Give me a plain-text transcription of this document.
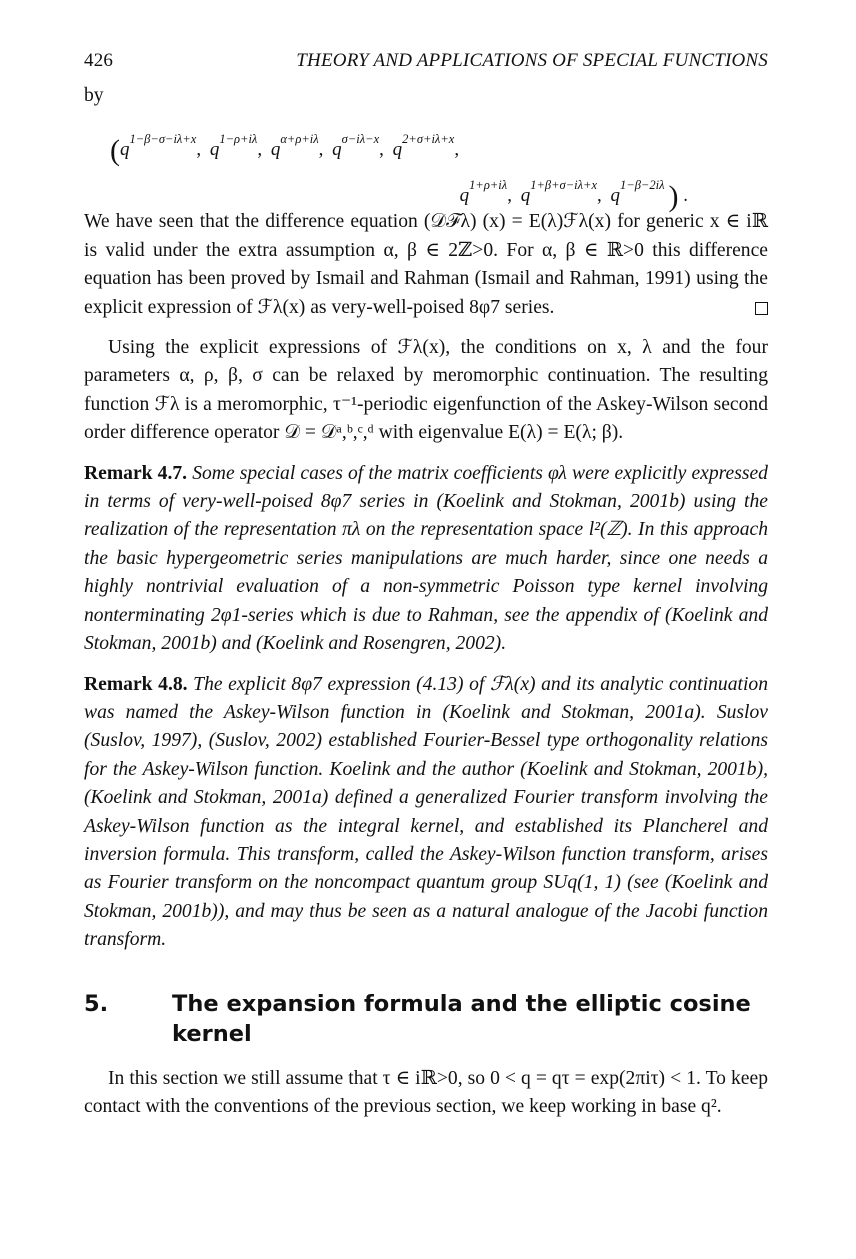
426	THEORY AND APPLICATIONS OF SPECIAL FUNCTIONS

by

($q^{1-\beta-\sigma-i\lambda+x}$, $q^{1-\rho+i\lambda}$, $q^{\alpha+\rho+i\lambda}$, $q^{\sigma-i\lambda-x}$, $q^{2+\sigma+i\lambda+x}$,
$q^{1+\rho+i\lambda}$, $q^{1+\beta+\sigma-i\lambda+x}$, $q^{1-\beta-2i\lambda}$ ) .

We have seen that the difference equation (𝒟ℱλ) (x) = E(λ)ℱλ(x) for generic x ∈ iℝ is valid under the extra assumption α, β ∈ 2ℤ>0. For α, β ∈ ℝ>0 this difference equation has been proved by Ismail and Rahman (Ismail and Rahman, 1991) using the explicit expression of ℱλ(x) as very-well-poised 8φ7 series.

Using the explicit expressions of ℱλ(x), the conditions on x, λ and the four parameters α, ρ, β, σ can be relaxed by meromorphic continuation. The resulting function ℱλ is a meromorphic, τ⁻¹-periodic eigenfunction of the Askey-Wilson second order difference operator 𝒟 = 𝒟ᵃ,ᵇ,ᶜ,ᵈ with eigenvalue E(λ) = E(λ; β).

Remark 4.7. Some special cases of the matrix coefficients φλ were explicitly expressed in terms of very-well-poised 8φ7 series in (Koelink and Stokman, 2001b) using the realization of the representation πλ on the representation space l²(ℤ). In this approach the basic hypergeometric series manipulations are much harder, since one needs a highly nontrivial evaluation of a non-symmetric Poisson type kernel involving nonterminating 2φ1-series which is due to Rahman, see the appendix of (Koelink and Stokman, 2001b) and (Koelink and Rosengren, 2002).

Remark 4.8. The explicit 8φ7 expression (4.13) of ℱλ(x) and its analytic continuation was named the Askey-Wilson function in (Koelink and Stokman, 2001a). Suslov (Suslov, 1997), (Suslov, 2002) established Fourier-Bessel type orthogonality relations for the Askey-Wilson function. Koelink and the author (Koelink and Stokman, 2001b), (Koelink and Stokman, 2001a) defined a generalized Fourier transform involving the Askey-Wilson function as the integral kernel, and established its Plancherel and inversion formula. This transform, called the Askey-Wilson function transform, arises as Fourier transform on the noncompact quantum group SUq(1, 1) (see (Koelink and Stokman, 2001b)), and may thus be seen as a natural analogue of the Jacobi function transform.

5.	The expansion formula and the elliptic cosine kernel

In this section we still assume that τ ∈ iℝ>0, so 0 < q = qτ = exp(2πiτ) < 1. To keep contact with the conventions of the previous section, we keep working in base q².
